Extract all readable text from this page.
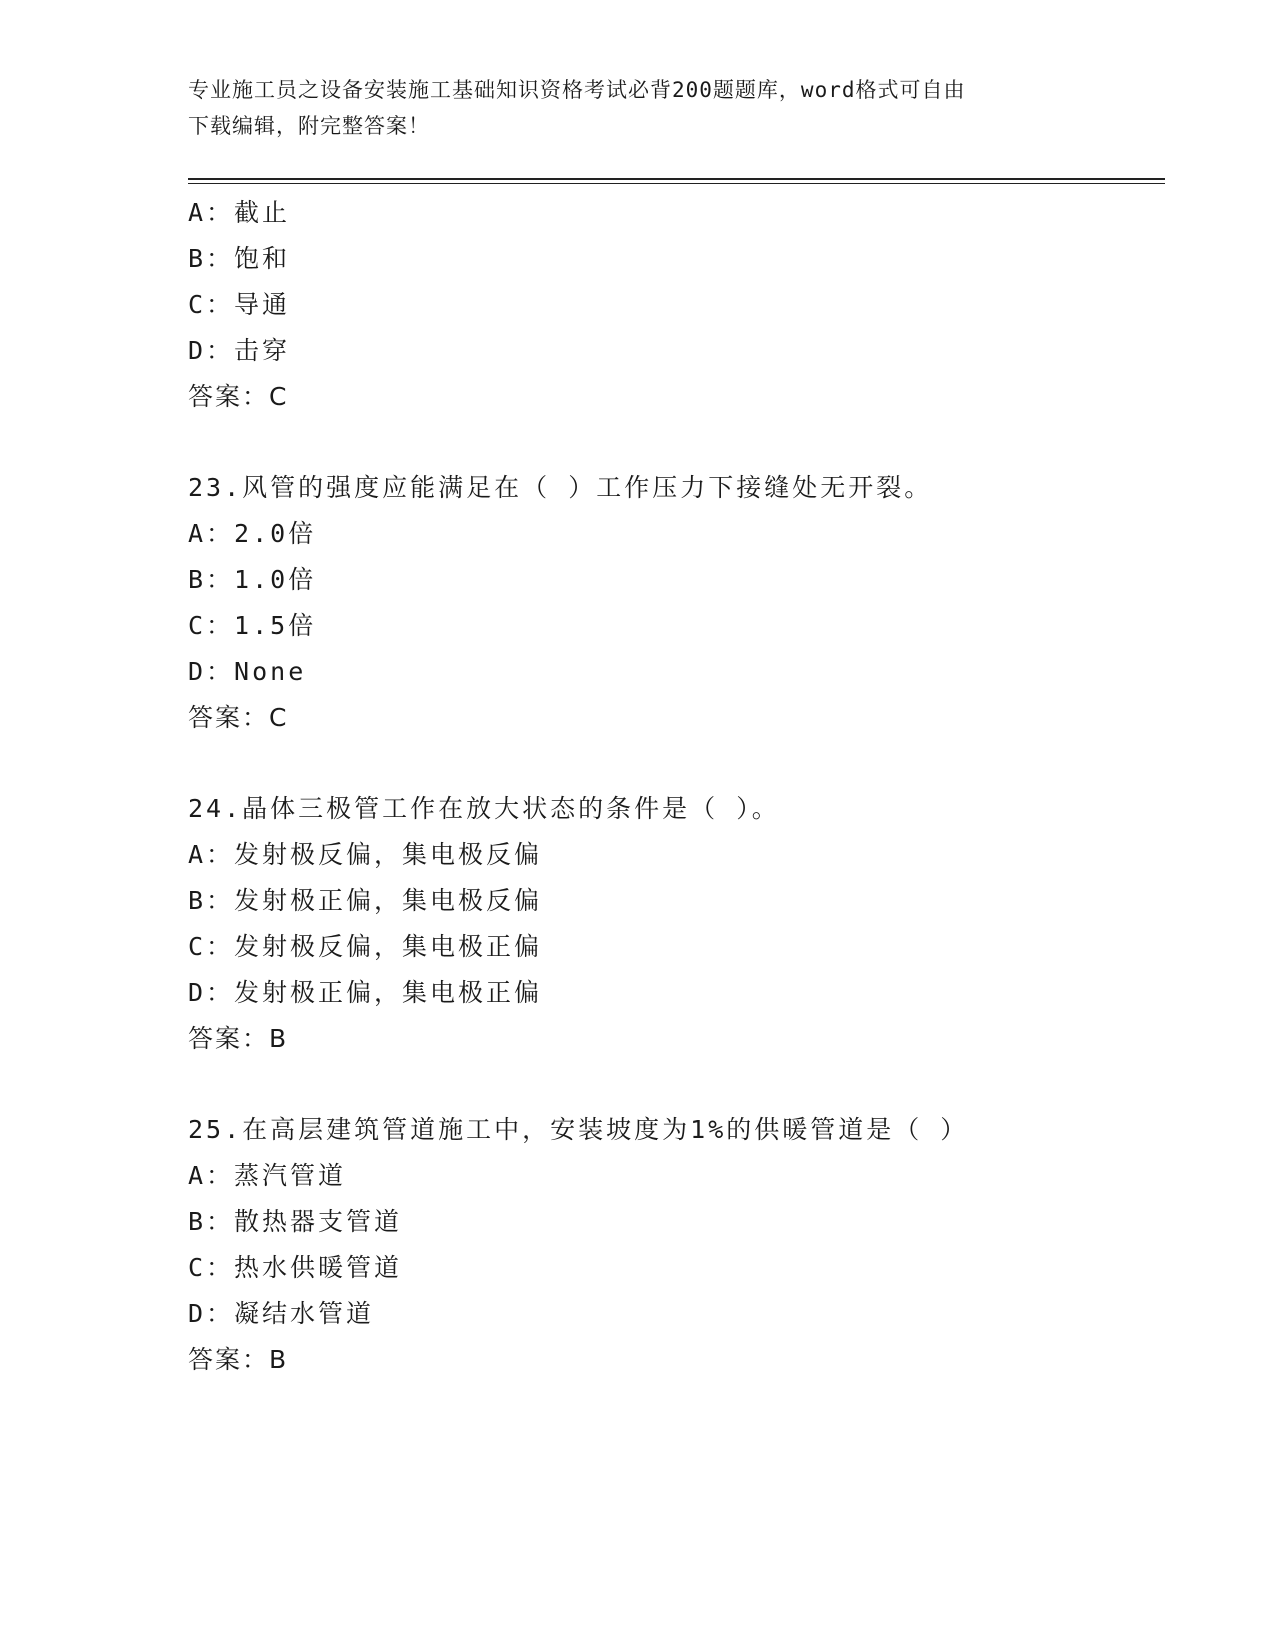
专业施工员之设备安装施工基础知识资格考试必背200题题库，word格式可自由
下载编辑，附完整答案！
A：截止
B：饱和
C：导通
D：击穿
答案：C
23.风管的强度应能满足在（ ）工作压力下接缝处无开裂。
A：2.0倍
B：1.0倍
C：1.5倍
D：None
答案：C
24.晶体三极管工作在放大状态的条件是（ ）。
A：发射极反偏，集电极反偏
B：发射极正偏，集电极反偏
C：发射极反偏，集电极正偏
D：发射极正偏，集电极正偏
答案：B
25.在高层建筑管道施工中，安装坡度为1%的供暖管道是（ ）
A：蒸汽管道
B：散热器支管道
C：热水供暖管道
D：凝结水管道
答案：B
